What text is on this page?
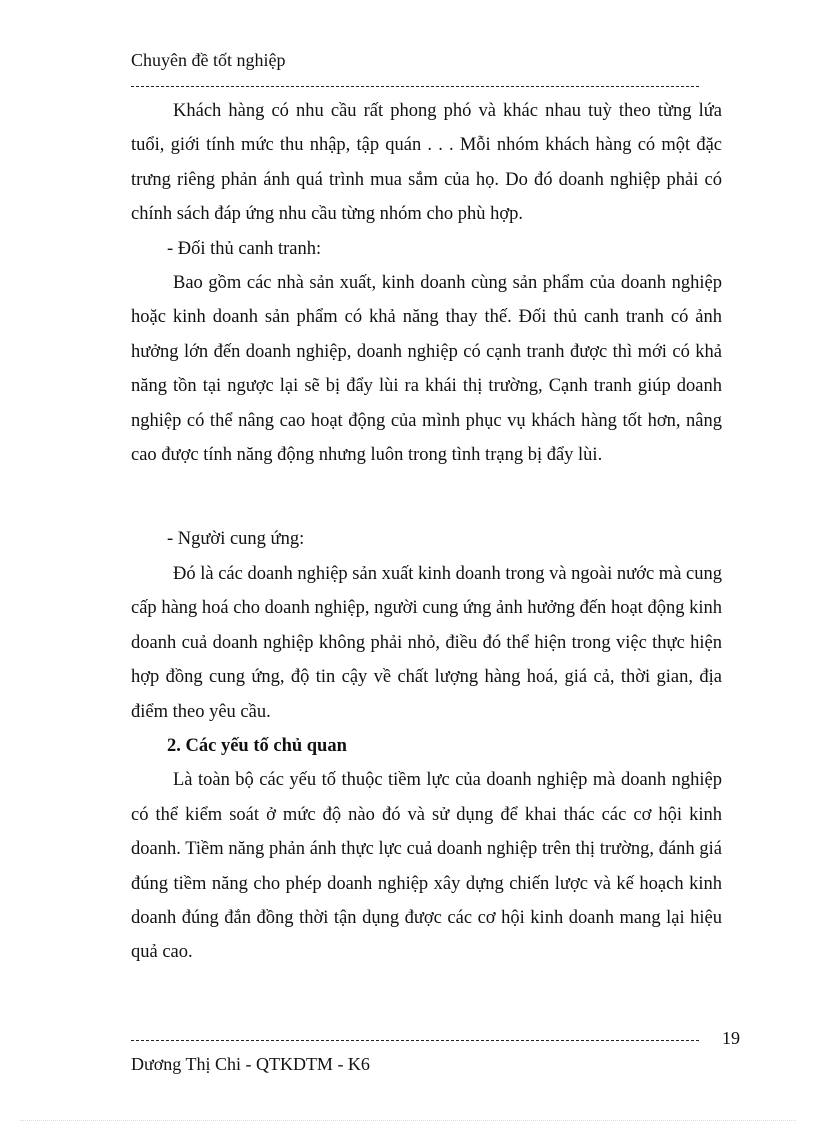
Chuyên đề tốt nghiệp

Khách hàng có nhu cầu rất phong phó và khác nhau tuỳ theo từng lứa tuổi, giới tính mức thu nhập, tập quán . . . Mỗi nhóm khách hàng có một đặc trưng riêng phản ánh quá trình mua sắm của họ. Do đó doanh nghiệp phải có chính sách đáp ứng nhu cầu từng nhóm cho phù hợp.

- Đối thủ canh tranh:

Bao gồm các nhà sản xuất, kinh doanh cùng sản phẩm của doanh nghiệp hoặc kinh doanh sản phẩm có khả năng thay thế. Đối thủ canh tranh có ảnh hưởng lớn đến doanh nghiệp, doanh nghiệp có cạnh tranh được thì mới có khả năng tồn tại ngược lại sẽ bị đẩy lùi ra khái thị trường, Cạnh tranh giúp doanh nghiệp có thể nâng cao hoạt động của mình phục vụ khách hàng tốt hơn, nâng cao được tính năng động nhưng luôn trong tình trạng bị đẩy lùi.

- Người cung ứng:

Đó là các doanh nghiệp sản xuất kinh doanh trong và ngoài nước mà cung cấp hàng hoá cho doanh nghiệp, người cung ứng ảnh hưởng đến hoạt động kinh doanh cuả doanh nghiệp không phải nhỏ, điều đó thể hiện trong việc thực hiện hợp đồng cung ứng, độ tin cậy về chất lượng hàng hoá, giá cả, thời gian, địa điểm theo yêu cầu.

2. Các yếu tố chủ quan

Là toàn bộ các yếu tố thuộc tiềm lực của doanh nghiệp mà doanh nghiệp có thể kiểm soát ở mức độ nào đó và sử dụng để khai thác các cơ hội kinh doanh. Tiềm năng phản ánh thực lực cuả doanh nghiệp trên thị trường, đánh giá đúng tiềm năng cho phép doanh nghiệp xây dựng chiến lược và kế hoạch kinh doanh đúng đắn đồng thời tận dụng được các cơ hội kinh doanh mang lại hiệu quả cao.

19
Dương Thị Chi - QTKDTM - K6
